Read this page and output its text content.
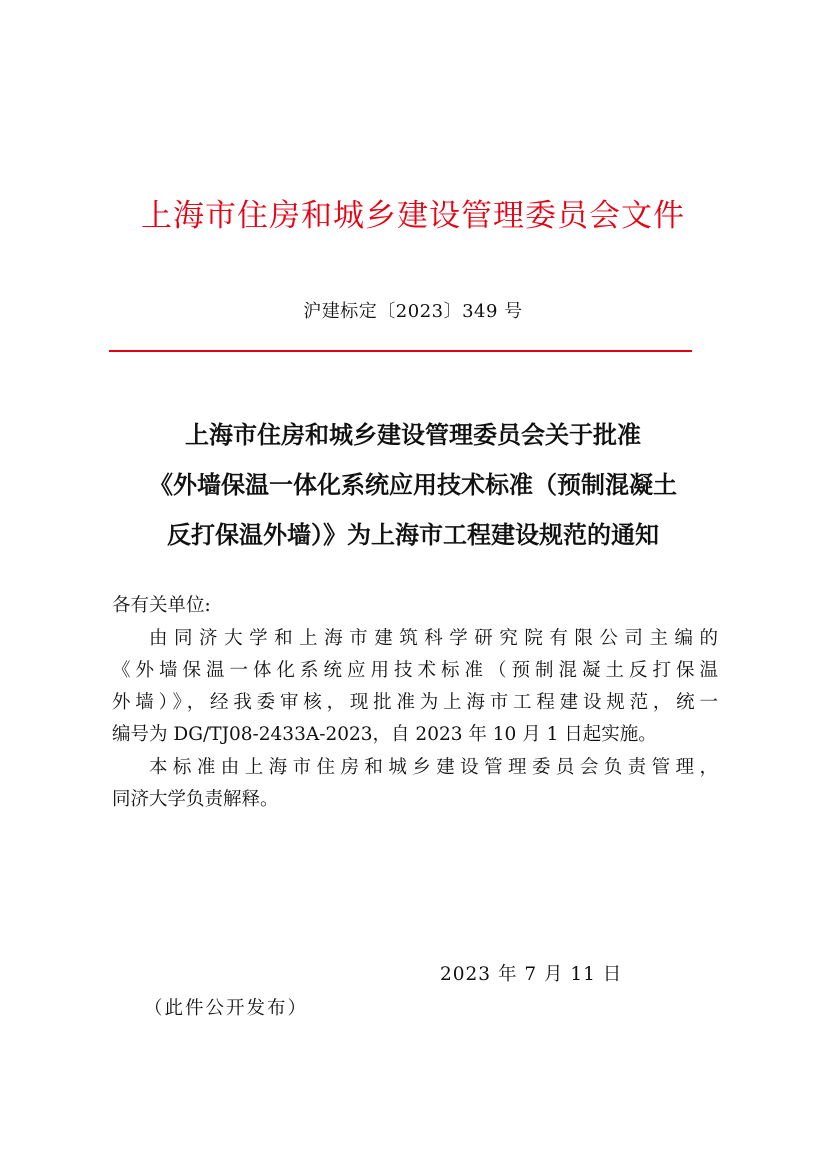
上海市住房和城乡建设管理委员会文件
沪建标定〔2023〕349 号
上海市住房和城乡建设管理委员会关于批准
《外墙保温一体化系统应用技术标准（预制混凝土
反打保温外墙）》为上海市工程建设规范的通知
各有关单位:
由同济大学和上海市建筑科学研究院有限公司主编的
《外墙保温一体化系统应用技术标准（预制混凝土反打保温
外墙）》，经我委审核，现批准为上海市工程建设规范，统一
编号为 DG/TJ08-2433A-2023，自 2023 年 10 月 1 日起实施。
本标准由上海市住房和城乡建设管理委员会负责管理，
同济大学负责解释。
2023 年 7 月 11 日
（此件公开发布）
